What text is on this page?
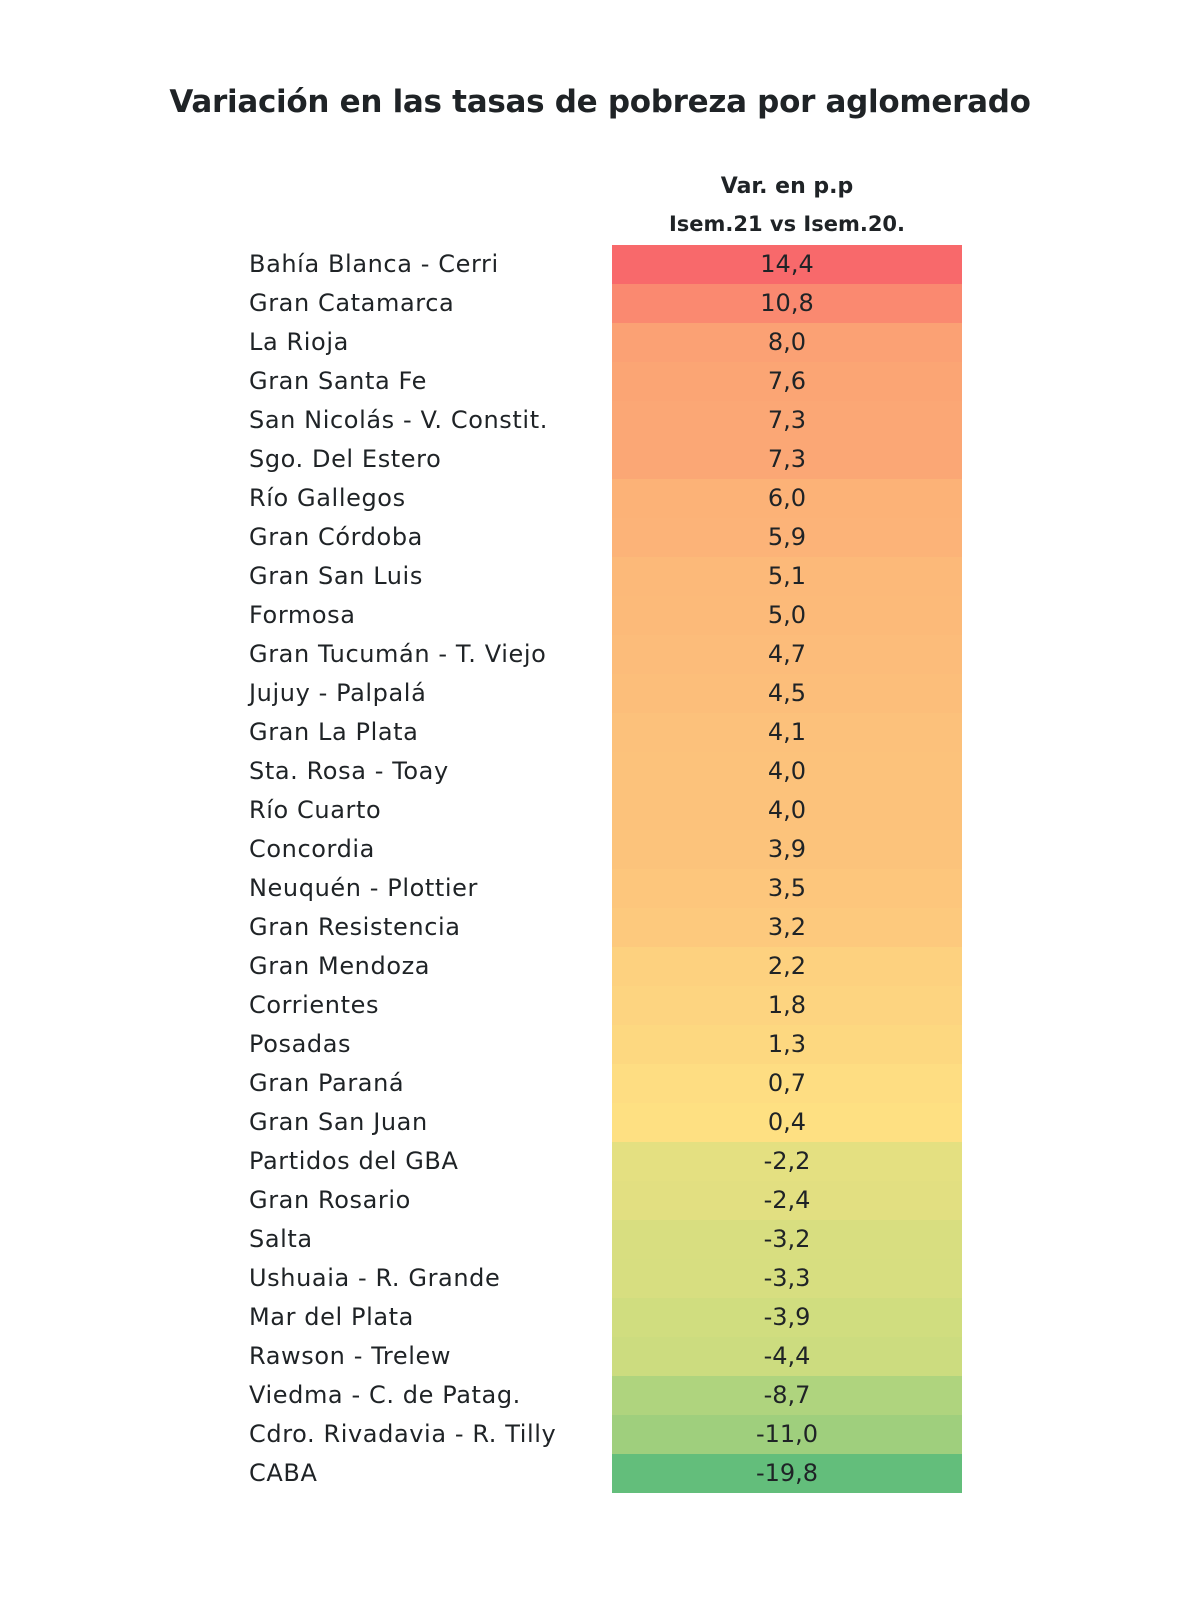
Variación en las tasas de pobreza por aglomerado
Var. en p.p
Isem.21 vs Isem.20.
Bahía Blanca - Cerri	14,4
Gran Catamarca	10,8
La Rioja	8,0
Gran Santa Fe	7,6
San Nicolás - V. Constit.	7,3
Sgo. Del Estero	7,3
Río Gallegos	6,0
Gran Córdoba	5,9
Gran San Luis	5,1
Formosa	5,0
Gran Tucumán - T. Viejo	4,7
Jujuy - Palpalá	4,5
Gran La Plata	4,1
Sta. Rosa - Toay	4,0
Río Cuarto	4,0
Concordia	3,9
Neuquén - Plottier	3,5
Gran Resistencia	3,2
Gran Mendoza	2,2
Corrientes	1,8
Posadas	1,3
Gran Paraná	0,7
Gran San Juan	0,4
Partidos del GBA	-2,2
Gran Rosario	-2,4
Salta	-3,2
Ushuaia - R. Grande	-3,3
Mar del Plata	-3,9
Rawson - Trelew	-4,4
Viedma - C. de Patag.	-8,7
Cdro. Rivadavia - R. Tilly	-11,0
CABA	-19,8
